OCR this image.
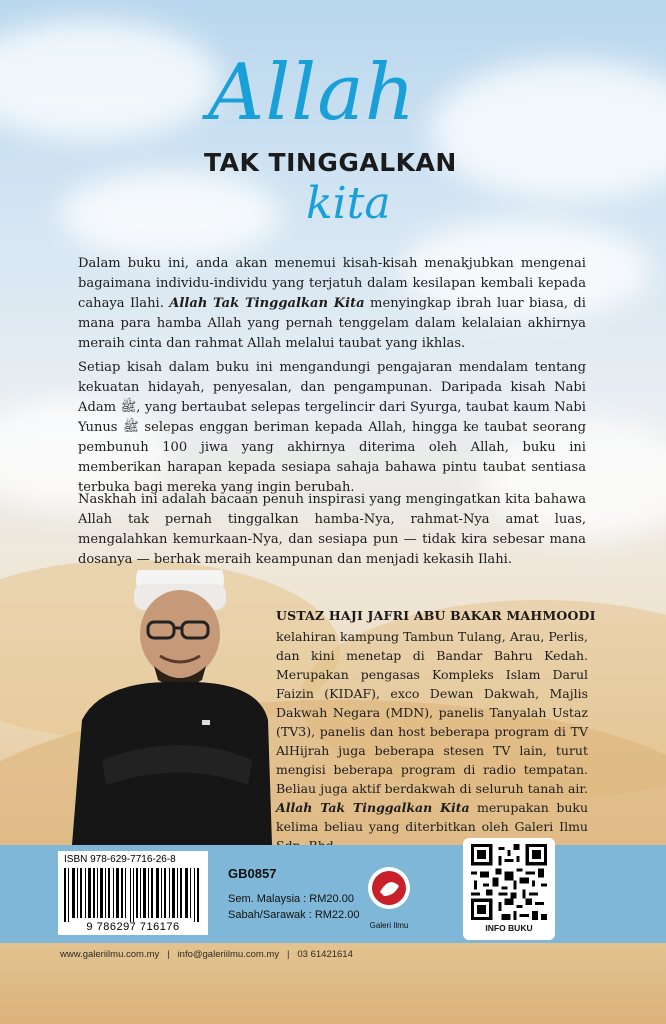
Allah
TAK TINGGALKAN
kita

Dalam buku ini, anda akan menemui kisah-kisah menakjubkan mengenai bagaimana individu-individu yang terjatuh dalam kesilapan kembali kepada cahaya Ilahi. Allah Tak Tinggalkan Kita menyingkap ibrah luar biasa, di mana para hamba Allah yang pernah tenggelam dalam kelalaian akhirnya meraih cinta dan rahmat Allah melalui taubat yang ikhlas.

Setiap kisah dalam buku ini mengandungi pengajaran mendalam tentang kekuatan hidayah, penyesalan, dan pengampunan. Daripada kisah Nabi Adam ﷺ, yang bertaubat selepas tergelincir dari Syurga, taubat kaum Nabi Yunus ﷺ selepas enggan beriman kepada Allah, hingga ke taubat seorang pembunuh 100 jiwa yang akhirnya diterima oleh Allah, buku ini memberikan harapan kepada sesiapa sahaja bahawa pintu taubat sentiasa terbuka bagi mereka yang ingin berubah.

Naskhah ini adalah bacaan penuh inspirasi yang mengingatkan kita bahawa Allah tak pernah tinggalkan hamba-Nya, rahmat-Nya amat luas, mengalahkan kemurkaan-Nya, dan sesiapa pun — tidak kira sebesar mana dosanya — berhak meraih keampunan dan menjadi kekasih Ilahi.

USTAZ HAJI JAFRI ABU BAKAR MAHMOODI

kelahiran kampung Tambun Tulang, Arau, Perlis, dan kini menetap di Bandar Bahru Kedah. Merupakan pengasas Kompleks Islam Darul Faizin (KIDAF), exco Dewan Dakwah, Majlis Dakwah Negara (MDN), panelis Tanyalah Ustaz (TV3), panelis dan host beberapa program di TV AlHijrah juga beberapa stesen TV lain, turut mengisi beberapa program di radio tempatan. Beliau juga aktif berdakwah di seluruh tanah air. Allah Tak Tinggalkan Kita merupakan buku kelima beliau yang diterbitkan oleh Galeri Ilmu

ISBN 978-629-7716-26-8
9 786297 716176
GB0857
Sem. Malaysia : RM20.00
Sabah/Sarawak : RM22.00
Galeri Ilmu	INFO BUKU
www.galeriilmu.com.my   |   info@galeriilmu.com.my   |   03 61421614
